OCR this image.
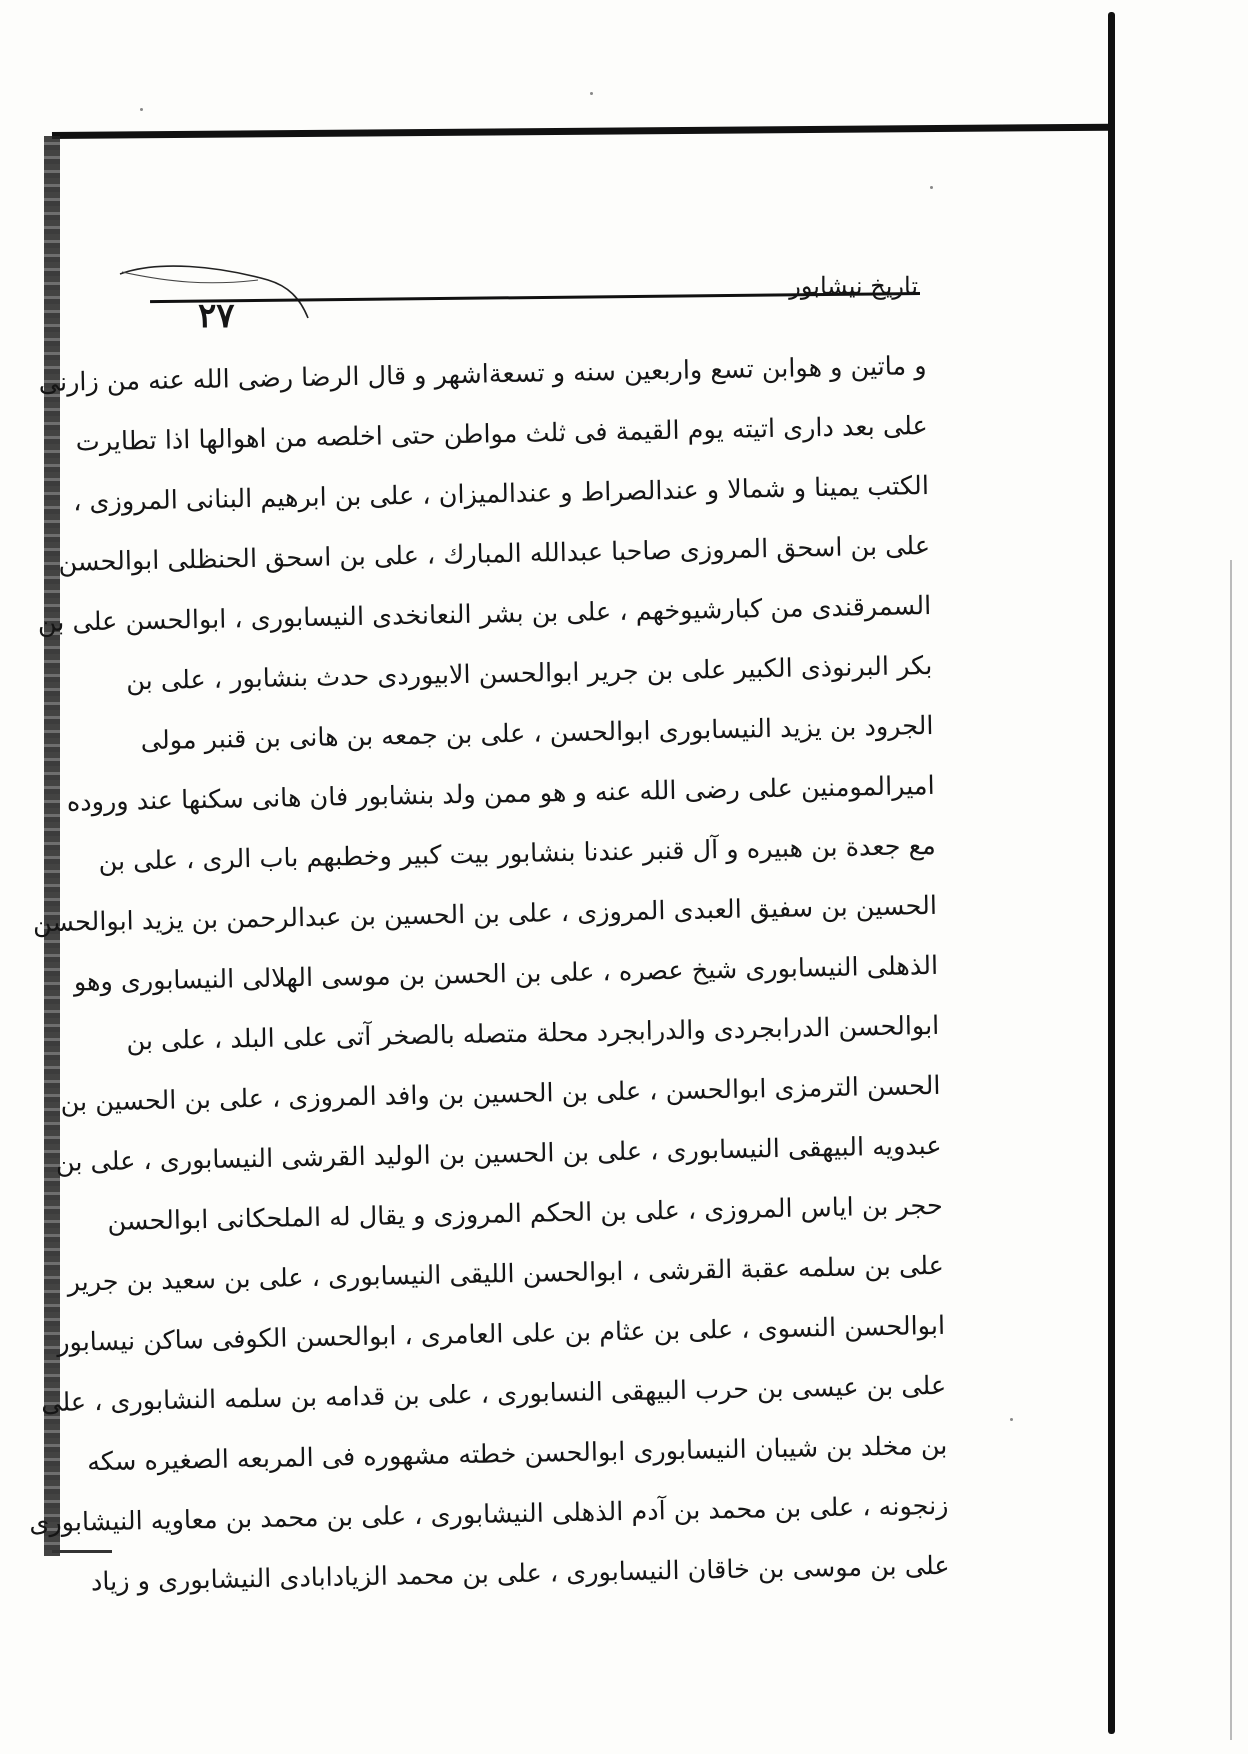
تاريخ نيشابور
۲۷
و ماتين و هوابن تسع واربعين سنه و تسعةاشهر و قال الرضا رضى الله عنه من زارنى
على بعد دارى اتيته يوم القيمة فى ثلث مواطن حتى اخلصه من اهوالها اذا تطايرت
الكتب يمينا و شمالا و عندالصراط و عندالميزان ، على بن ابرهيم البنانى المروزى ،
على بن اسحق المروزى صاحبا عبدالله المبارك ، على بن اسحق الحنظلى ابوالحسن
السمرقندى من كبارشيوخهم ، على بن بشر النعانخدى النيسابورى ، ابوالحسن على بن
بكر البرنوذى الكبير على بن جرير ابوالحسن الابيوردى حدث بنشابور ، على بن
الجرود بن يزيد النيسابورى ابوالحسن ، على بن جمعه بن هانى بن قنبر مولى
اميرالمومنين على رضى الله عنه و هو ممن ولد بنشابور فان هانى سكنها عند وروده
مع جعدة بن هبيره و آل قنبر عندنا بنشابور بيت كبير وخطبهم باب الرى ، على بن
الحسين بن سفيق العبدى المروزى ، على بن الحسين بن عبدالرحمن بن يزيد ابوالحسن
الذهلى النيسابورى شيخ عصره ، على بن الحسن بن موسى الهلالى النيسابورى وهو
ابوالحسن الدرابجردى والدرابجرد محلة متصله بالصخر آتى على البلد ، على بن
الحسن الترمزى ابوالحسن ، على بن الحسين بن وافد المروزى ، على بن الحسين بن
عبدويه البيهقى النيسابورى ، على بن الحسين بن الوليد القرشى النيسابورى ، على بن
حجر بن اياس المروزى ، على بن الحكم المروزى و يقال له الملحكانى ابوالحسن
على بن سلمه عقبة القرشى ، ابوالحسن الليقى النيسابورى ، على بن سعيد بن جرير
ابوالحسن النسوى ، على بن عثام بن على العامرى ، ابوالحسن الكوفى ساكن نيسابور
على بن عيسى بن حرب البيهقى النسابورى ، على بن قدامه بن سلمه النشابورى ، على
بن مخلد بن شيبان النيسابورى ابوالحسن خطته مشهوره فى المربعه الصغيره سكه
زنجونه ، على بن محمد بن آدم الذهلى النيشابورى ، على بن محمد بن معاويه النيشابورى
على بن موسى بن خاقان النيسابورى ، على بن محمد الزيادابادى النيشابورى و زياد
